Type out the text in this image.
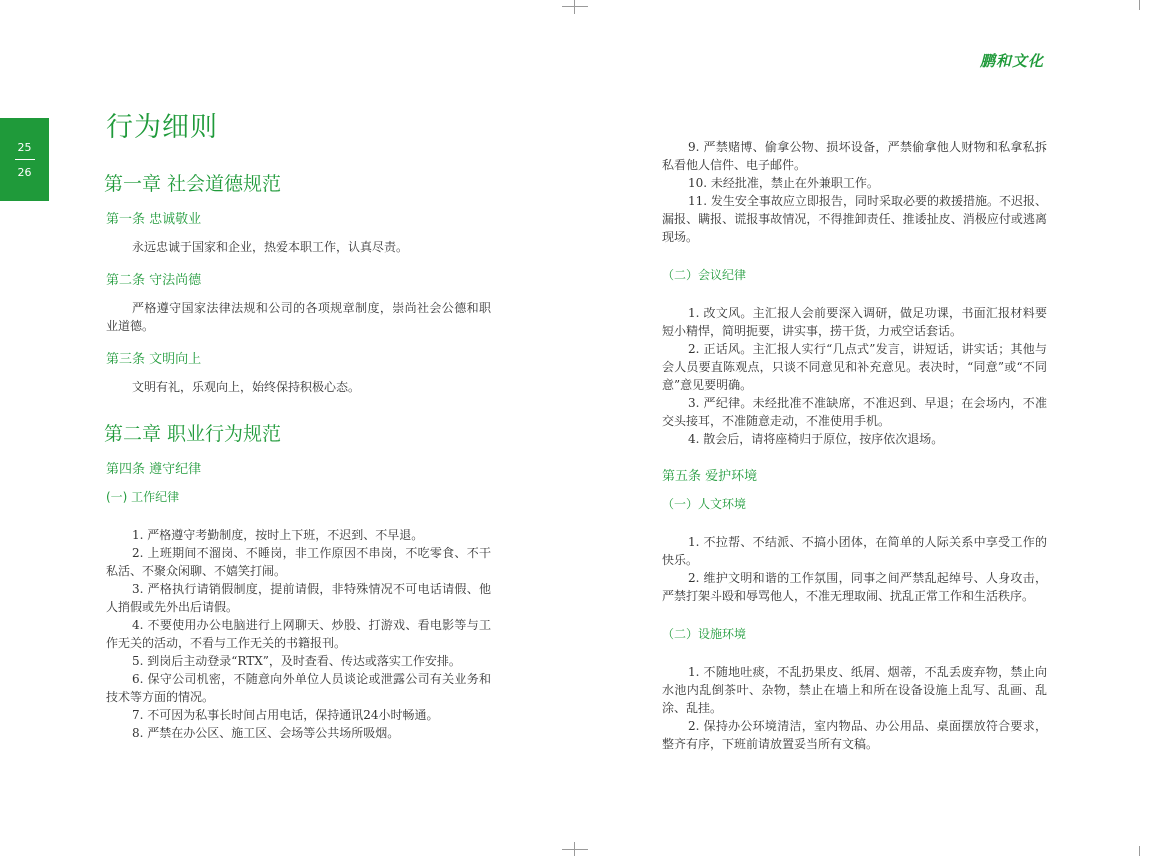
25
26
鹏和文化
行为细则
第一章 社会道德规范
第一条 忠诚敬业

永远忠诚于国家和企业，热爱本职工作，认真尽责。

第二条 守法尚德

严格遵守国家法律法规和公司的各项规章制度，崇尚社会公德和职业道德。

第三条 文明向上

文明有礼，乐观向上，始终保持积极心态。

第二章 职业行为规范
第四条 遵守纪律
(一) 工作纪律

1. 严格遵守考勤制度，按时上下班，不迟到、不早退。

2. 上班期间不溜岗、不睡岗，非工作原因不串岗，不吃零食、不干私活、不聚众闲聊、不嬉笑打闹。

3. 严格执行请销假制度，提前请假，非特殊情况不可电话请假、他人捎假或先外出后请假。

4. 不要使用办公电脑进行上网聊天、炒股、打游戏、看电影等与工作无关的活动，不看与工作无关的书籍报刊。

5. 到岗后主动登录“RTX”，及时查看、传达或落实工作安排。

6. 保守公司机密，不随意向外单位人员谈论或泄露公司有关业务和技术等方面的情况。

7. 不可因为私事长时间占用电话，保持通讯24小时畅通。

8. 严禁在办公区、施工区、会场等公共场所吸烟。

9. 严禁赌博、偷拿公物、损坏设备，严禁偷拿他人财物和私拿私拆私看他人信件、电子邮件。

10. 未经批准，禁止在外兼职工作。

11. 发生安全事故应立即报告，同时采取必要的救援措施。不迟报、漏报、瞒报、谎报事故情况，不得推卸责任、推诿扯皮、消极应付或逃离现场。

（二）会议纪律

1. 改文风。主汇报人会前要深入调研，做足功课，书面汇报材料要短小精悍，简明扼要，讲实事，捞干货，力戒空话套话。

2. 正话风。主汇报人实行“几点式”发言，讲短话，讲实话；其他与会人员要直陈观点，只谈不同意见和补充意见。表决时，“同意”或“不同意”意见要明确。

3. 严纪律。未经批准不准缺席，不准迟到、早退；在会场内，不准交头接耳，不准随意走动，不准使用手机。

4. 散会后，请将座椅归于原位，按序依次退场。

第五条 爱护环境
（一）人文环境

1. 不拉帮、不结派、不搞小团体，在简单的人际关系中享受工作的快乐。

2. 维护文明和谐的工作氛围，同事之间严禁乱起绰号、人身攻击，严禁打架斗殴和辱骂他人，不准无理取闹、扰乱正常工作和生活秩序。

（二）设施环境

1. 不随地吐痰，不乱扔果皮、纸屑、烟蒂，不乱丢废弃物，禁止向水池内乱倒茶叶、杂物，禁止在墙上和所在设备设施上乱写、乱画、乱涂、乱挂。

2. 保持办公环境清洁，室内物品、办公用品、桌面摆放符合要求，整齐有序，下班前请放置妥当所有文稿。
